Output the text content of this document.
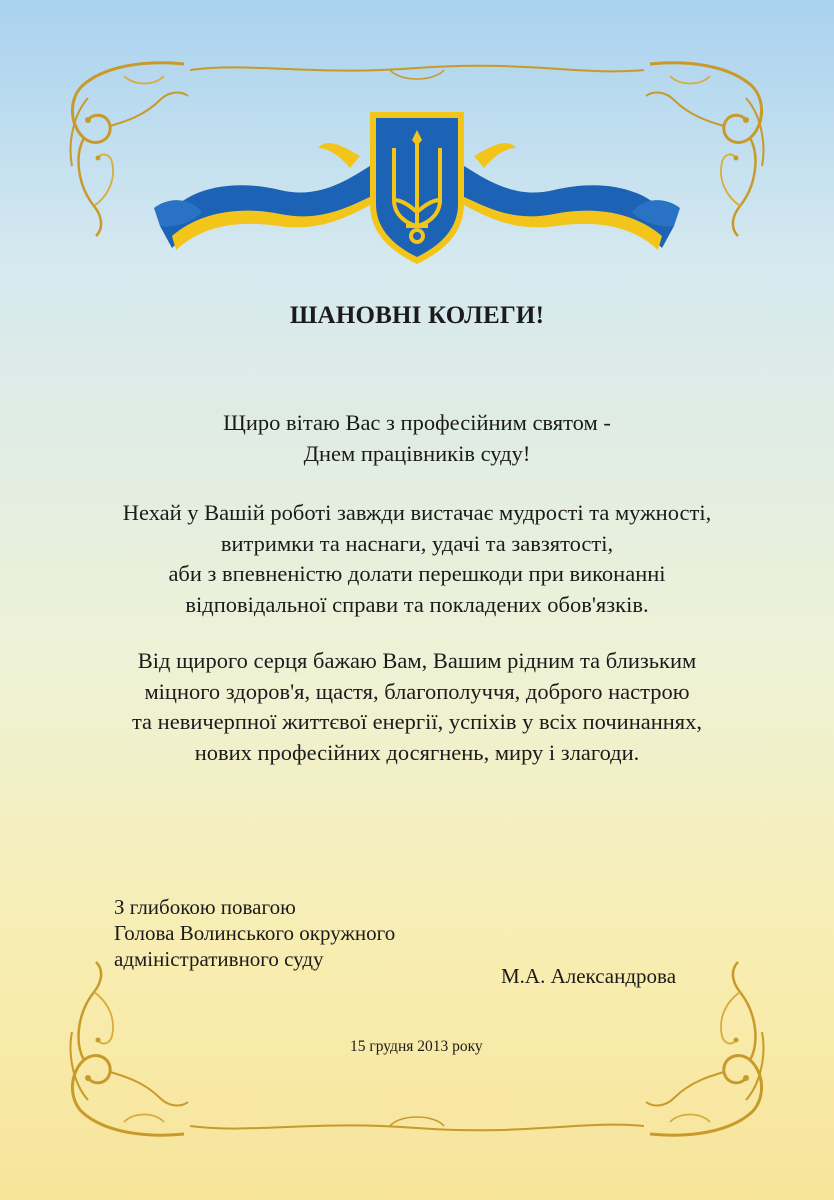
ШАНОВНІ КОЛЕГИ!
Щиро вітаю Вас з професійним святом -
Днем працівників суду!
Нехай у Вашій роботі завжди вистачає мудрості та мужності,
витримки та наснаги, удачі та завзятості,
аби з впевненістю долати перешкоди при виконанні
відповідальної справи та покладених обов'язків.
Від щирого серця бажаю Вам, Вашим рідним та близьким
міцного здоров'я, щастя, благополуччя, доброго настрою
та невичерпної життєвої енергії, успіхів у всіх починаннях,
нових професійних досягнень, миру і злагоди.
З глибокою повагою
Голова Волинського окружного
адміністративного суду
М.А. Александрова
15 грудня 2013 року
